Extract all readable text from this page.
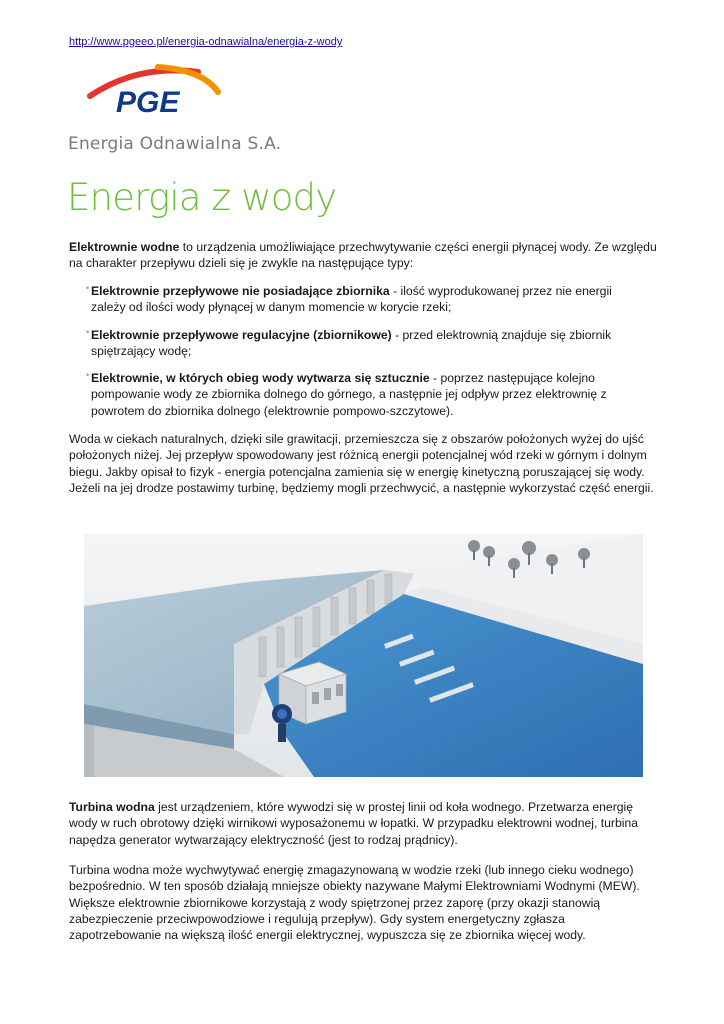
http://www.pgeeo.pl/energia-odnawialna/energia-z-wody
PGE
Energia Odnawialna S.A.
Energia z wody

Elektrownie wodne to urządzenia umożliwiające przechwytywanie części energii płynącej wody. Ze względu na charakter przepływu dzieli się je zwykle na następujące typy:

• Elektrownie przepływowe nie posiadające zbiornika - ilość wyprodukowanej przez nie energii zależy od ilości wody płynącej w danym momencie w korycie rzeki;
• Elektrownie przepływowe regulacyjne (zbiornikowe) - przed elektrownią znajduje się zbiornik spiętrzający wodę;
• Elektrownie, w których obieg wody wytwarza się sztucznie - poprzez następujące kolejno pompowanie wody ze zbiornika dolnego do górnego, a następnie jej odpływ przez elektrownię z powrotem do zbiornika dolnego (elektrownie pompowo-szczytowe).

Woda w ciekach naturalnych, dzięki sile grawitacji, przemieszcza się z obszarów położonych wyżej do ujść położonych niżej. Jej przepływ spowodowany jest różnicą energii potencjalnej wód rzeki w górnym i dolnym biegu. Jakby opisał to fizyk - energia potencjalna zamienia się w energię kinetyczną poruszającej się wody. Jeżeli na jej drodze postawimy turbinę, będziemy mogli przechwycić, a następnie wykorzystać część energii.

Turbina wodna jest urządzeniem, które wywodzi się w prostej linii od koła wodnego. Przetwarza energię wody w ruch obrotowy dzięki wirnikowi wyposażonemu w łopatki. W przypadku elektrowni wodnej, turbina napędza generator wytwarzający elektryczność (jest to rodzaj prądnicy).

Turbina wodna może wychwytywać energię zmagazynowaną w wodzie rzeki (lub innego cieku wodnego) bezpośrednio. W ten sposób działają mniejsze obiekty nazywane Małymi Elektrowniami Wodnymi (MEW). Większe elektrownie zbiornikowe korzystają z wody spiętrzonej przez zaporę (przy okazji stanowią zabezpieczenie przeciwpowodziowe i regulują przepływ). Gdy system energetyczny zgłasza zapotrzebowanie na większą ilość energii elektrycznej, wypuszcza się ze zbiornika więcej wody.
